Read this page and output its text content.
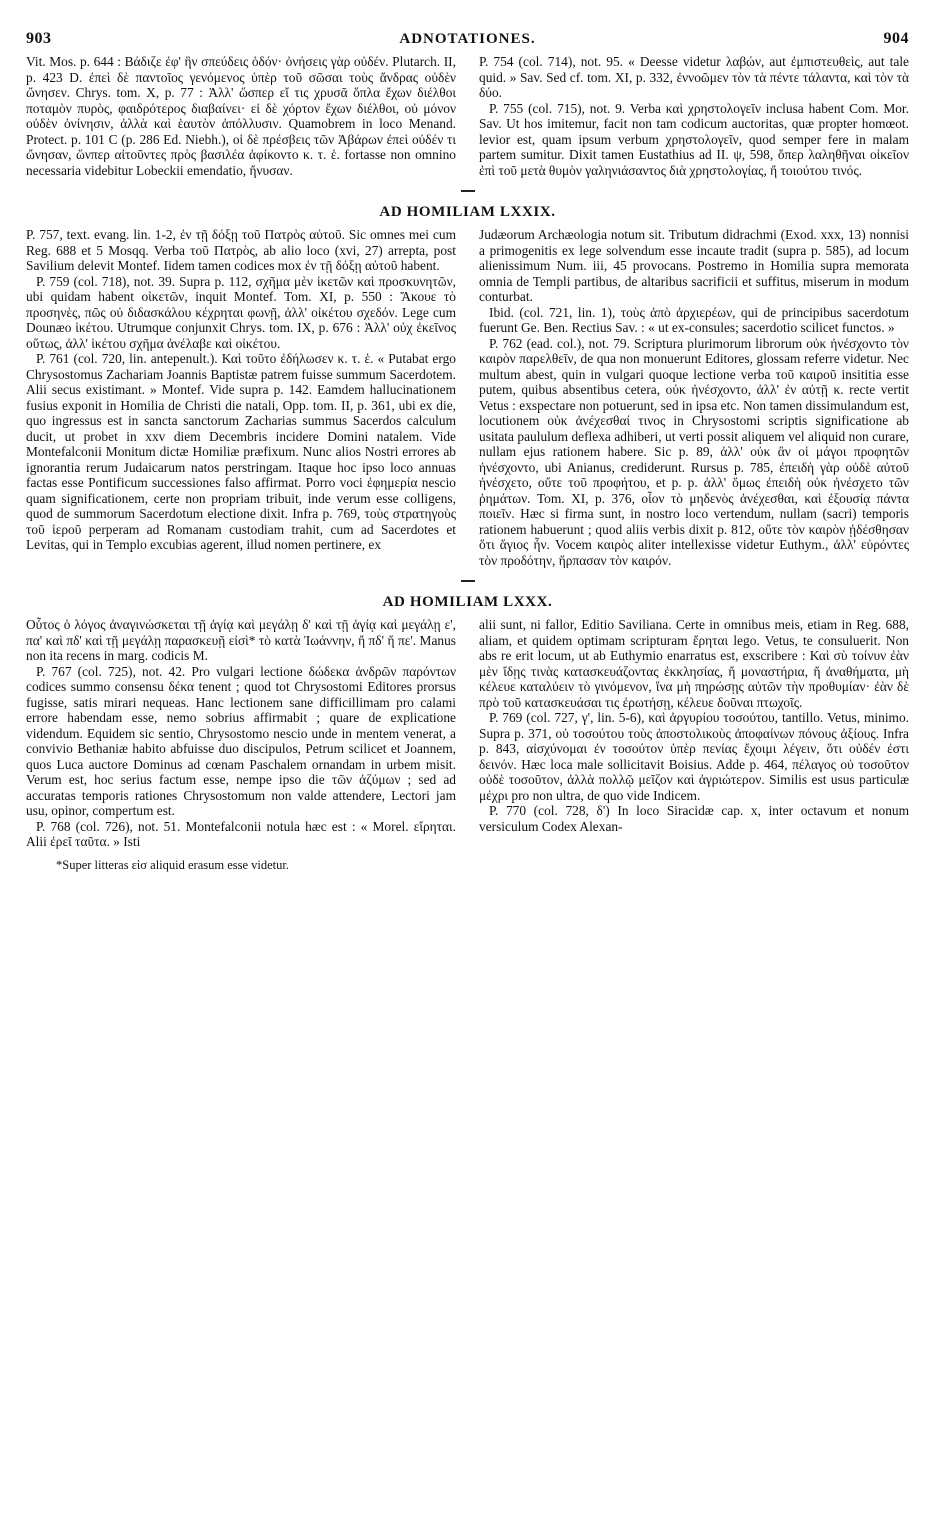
903	ADNOTATIONES.	904

Vit. Mos. p. 644 : Βάδιζε ἐφ' ἣν σπεύδεις ὁδόν· ὀνήσεις γὰρ οὐδέν. Plutarch. II, p. 423 D. ἐπεὶ δὲ παντοῖος γενόμενος ὑπὲρ τοῦ σῶσαι τοὺς ἄνδρας οὐδὲν ὤνησεν. Chrys. tom. X, p. 77 : Ἀλλ' ὥσπερ εἴ τις χρυσᾶ ὅπλα ἔχων διέλθοι ποταμὸν πυρὸς, φαιδρότερος διαβαίνει· εἰ δὲ χόρτον ἔχων διέλθοι, οὐ μόνον οὐδὲν ὀνίνησιν, ἀλλὰ καὶ ἑαυτὸν ἀπόλλυσιν. Quamobrem in loco Menand. Protect. p. 101 C (p. 286 Ed. Niebh.), οἱ δὲ πρέσβεις τῶν Ἀβάρων ἐπεὶ οὐδέν τι ὤνησαν, ὥνπερ αἰτοῦντες πρὸς βασιλέα ἀφίκοντο κ. τ. ἑ. fortasse non omnino necessaria videbitur Lobeckii emendatio, ἤνυσαν.

P. 754 (col. 714), not. 95. « Deesse videtur λαβών, aut ἐμπιστευθεὶς, aut tale quid. » Sav. Sed cf. tom. XI, p. 332, ἐννοῶμεν τὸν τὰ πέντε τάλαντα, καὶ τὸν τὰ δύο.

P. 755 (col. 715), not. 9. Verba καὶ χρηστολογεῖν inclusa habent Com. Mor. Sav. Ut hos imitemur, facit non tam codicum auctoritas, quæ propter homœot. levior est, quam ipsum verbum χρηστολογεῖν, quod semper fere in malam partem sumitur. Dixit tamen Eustathius ad II. ψ, 598, ὅπερ λαληθῆναι οἰκεῖον ἐπὶ τοῦ μετὰ θυμὸν γαληνιάσαντος διὰ χρηστολογίας, ἤ τοιούτου τινός.

AD HOMILIAM LXXIX.

P. 757, text. evang. lin. 1-2, ἐν τῇ δόξῃ τοῦ Πατρὸς αὐτοῦ. Sic omnes mei cum Reg. 688 et 5 Mosqq. Verba τοῦ Πατρὸς, ab alio loco (xvi, 27) arrepta, post Savilium delevit Montef. Iidem tamen codices mox ἐν τῇ δόξῃ αὐτοῦ habent.

P. 759 (col. 718), not. 39. Supra p. 112, σχῆμα μὲν ἱκετῶν καὶ προσκυνητῶν, ubi quidam habent οἰκετῶν, inquit Montef. Tom. XI, p. 550 : Ἄκουε τὸ προσηνὲς, πῶς οὐ διδασκάλου κέχρηται φωνῇ, ἀλλ' οἰκέτου σχεδόν. Lege cum Dounæo ἱκέτου. Utrumque conjunxit Chrys. tom. IX, p. 676 : Ἀλλ' οὐχ ἐκεῖνος οὕτως, ἀλλ' ἱκέτου σχῆμα ἀνέλαβε καὶ οἰκέτου.

P. 761 (col. 720, lin. antepenult.). Καὶ τοῦτο ἐδήλωσεν κ. τ. ἑ. « Putabat ergo Chrysostomus Zachariam Joannis Baptistæ patrem fuisse summum Sacerdotem. Alii secus existimant. » Montef. Vide supra p. 142. Eamdem hallucinationem fusius exponit in Homilia de Christi die natali, Opp. tom. II, p. 361, ubi ex die, quo ingressus est in sancta sanctorum Zacharias summus Sacerdos calculum ducit, ut probet in xxv diem Decembris incidere Domini natalem. Vide Montefalconii Monitum dictæ Homiliæ præfixum. Nunc alios Nostri errores ab ignorantia rerum Judaicarum natos perstringam. Itaque hoc ipso loco annuas factas esse Pontificum successiones falso affirmat. Porro voci ἐφημερία nescio quam significationem, certe non propriam tribuit, inde verum esse colligens, quod de summorum Sacerdotum electione dixit. Infra p. 769, τοὺς στρατηγοὺς τοῦ ἱεροῦ perperam ad Romanam custodiam trahit, cum ad Sacerdotes et Levitas, qui in Templo excubias agerent, illud nomen pertinere, ex

Judæorum Archæologia notum sit. Tributum didrachmi (Exod. xxx, 13) nonnisi a primogenitis ex lege solvendum esse incaute tradit (supra p. 585), ad locum alienissimum Num. iii, 45 provocans. Postremo in Homilia supra memorata omnia de Templi partibus, de altaribus sacrificii et suffitus, miserum in modum conturbat.

Ibid. (col. 721, lin. 1), τοὺς ἀπὸ ἀρχιερέων, qui de principibus sacerdotum fuerunt Ge. Ben. Rectius Sav. : « ut ex-consules; sacerdotio scilicet functos. »

P. 762 (ead. col.), not. 79. Scriptura plurimorum librorum οὐκ ἠνέσχοντο τὸν καιρὸν παρελθεῖν, de qua non monuerunt Editores, glossam referre videtur. Nec multum abest, quin in vulgari quoque lectione verba τοῦ καιροῦ insititia esse putem, quibus absentibus cetera, οὐκ ἠνέσχοντο, ἀλλ' ἐν αὐτῇ κ. recte vertit Vetus : exspectare non potuerunt, sed in ipsa etc. Non tamen dissimulandum est, locutionem οὐκ ἀνέχεσθαί τινος in Chrysostomi scriptis significatione ab usitata paululum deflexa adhiberi, ut verti possit aliquem vel aliquid non curare, nullam ejus rationem habere. Sic p. 89, ἀλλ' οὐκ ἂν οἱ μάγοι προφητῶν ἠνέσχοντο, ubi Anianus, crediderunt. Rursus p. 785, ἐπειδὴ γὰρ οὐδὲ αὐτοῦ ἠνέσχετο, οὔτε τοῦ προφήτου, et p. p. ἀλλ' ὅμως ἐπειδὴ οὐκ ἠνέσχετο τῶν ῥημάτων. Tom. XI, p. 376, οἷον τὸ μηδενὸς ἀνέχεσθαι, καὶ ἐξουσίᾳ πάντα ποιεῖν. Hæc si firma sunt, in nostro loco vertendum, nullam (sacri) temporis rationem habuerunt ; quod aliis verbis dixit p. 812, οὔτε τὸν καιρὸν ᾐδέσθησαν ὅτι ἅγιος ἦν. Vocem καιρὸς aliter intellexisse videtur Euthym., ἀλλ' εὑρόντες τὸν προδότην, ἥρπασαν τὸν καιρόν.

AD HOMILIAM LXXX.

Οὗτος ὁ λόγος ἀναγινώσκεται τῇ ἁγίᾳ καὶ μεγάλῃ δ' καὶ τῇ ἁγίᾳ καὶ μεγάλῃ ε', πα' καὶ πδ' καὶ τῇ μεγάλῃ παρασκευῇ εἰσὶ* τὸ κατὰ Ἰωάννην, ἤ πδ' ἤ πε'. Manus non ita recens in marg. codicis M.

P. 767 (col. 725), not. 42. Pro vulgari lectione δώδεκα ἀνδρῶν παρόντων codices summo consensu δέκα tenent ; quod tot Chrysostomi Editores prorsus fugisse, satis mirari nequeas. Hanc lectionem sane difficillimam pro calami errore habendam esse, nemo sobrius affirmabit ; quare de explicatione videndum. Equidem sic sentio, Chrysostomo nescio unde in mentem venerat, a convivio Bethaniæ habito abfuisse duo discipulos, Petrum scilicet et Joannem, quos Luca auctore Dominus ad cœnam Paschalem ornandam in urbem misit. Verum est, hoc serius factum esse, nempe ipso die τῶν ἀζύμων ; sed ad accuratas temporis rationes Chrysostomum non valde attendere, Lectori jam usu, opinor, compertum est.

P. 768 (col. 726), not. 51. Montefalconii notula hæc est : « Morel. εἴρηται. Alii ἐρεῖ ταῦτα. » Isti

alii sunt, ni fallor, Editio Saviliana. Certe in omnibus meis, etiam in Reg. 688, aliam, et quidem optimam scripturam ἔρηται lego. Vetus, te consuluerit. Non abs re erit locum, ut ab Euthymio enarratus est, exscribere : Καὶ σὺ τοίνυν ἐὰν μὲν ἴδῃς τινὰς κατασκευάζοντας ἐκκλησίας, ἤ μοναστήρια, ἤ ἀναθήματα, μὴ κέλευε καταλύειν τὸ γινόμενον, ἵνα μὴ πηρώσῃς αὐτῶν τὴν προθυμίαν· ἐὰν δὲ πρὸ τοῦ κατασκευάσαι τις ἐρωτήσῃ, κέλευε δοῦναι πτωχοῖς.

P. 769 (col. 727, γ', lin. 5-6), καὶ ἀργυρίου τοσούτου, tantillo. Vetus, minimo. Supra p. 371, οὐ τοσούτου τοὺς ἀποστολικοὺς ἀποφαίνων πόνους ἀξίους. Infra p. 843, αἰσχύνομαι ἐν τοσούτον ὑπὲρ πενίας ἔχοιμι λέγειν, ὅτι οὐδέν ἐστι δεινόν. Hæc loca male sollicitavit Boisius. Adde p. 464, πέλαγος οὐ τοσοῦτον οὐδὲ τοσοῦτον, ἀλλὰ πολλῷ μεῖζον καὶ ἀγριώτερον. Similis est usus particulæ μέχρι pro non ultra, de quo vide Indicem.

P. 770 (col. 728, δ') In loco Siracidæ cap. x, inter octavum et nonum versiculum Codex Alexan-

*Super litteras εἰσ aliquid erasum esse videtur.
